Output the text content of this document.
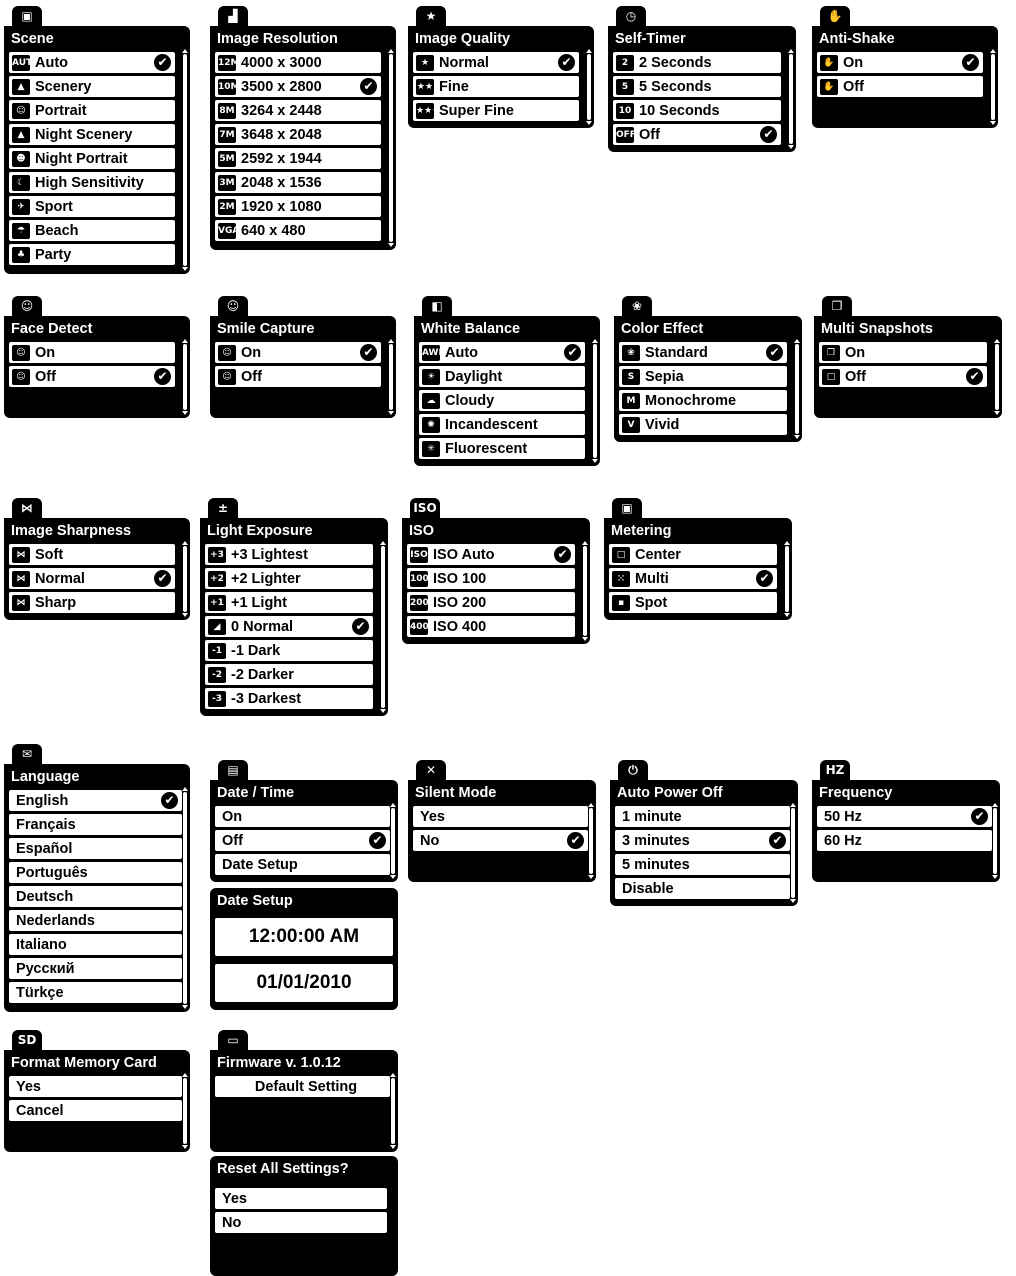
▣
Scene
AUTO
Auto	✔
▲ Scenery
☺ Portrait
▲ Night Scenery
☻ Night Portrait
☾ High Sensitivity
✈ Sport
☂ Beach
♣ Party
▟
Image Resolution
12M 4000 x 3000
10M 3500 x 2800	✔
8M 3264 x 2448
7M 3648 x 2048
5M 2592 x 1944
3M 2048 x 1536
2M 1920 x 1080
VGA 640 x 480
★
Image Quality
★ Normal	✔
★★ Fine
★★★
Super Fine
◷
Self-Timer
2 2 Seconds
5 5 Seconds
10 10 Seconds
OFF Off	✔
✋
Anti-Shake
✋ On	✔
✋ Off
☺
Face Detect
☺ On
☺ Off	✔
☺
Smile Capture
☺ On	✔
☺ Off
◧
White Balance
AWB Auto	✔
☀ Daylight
☁ Cloudy
✺ Incandescent
✳ Fluorescent
❀
Color Effect
❀ Standard	✔
S Sepia
M Monochrome
V Vivid
❐
Multi Snapshots
❐ On
□ Off	✔
⋈
Image Sharpness
⋈ Soft
⋈ Normal	✔
⋈ Sharp
±
Light Exposure
+3 +3 Lightest
+2 +2 Lighter
+1 +1 Light
◢ 0 Normal	✔
-1 -1 Dark
-2 -2 Darker
-3 -3 Darkest
ISO
ISO
ISO ISO Auto	✔
100 ISO 100
200 ISO 200
400 ISO 400
▣
Metering
□ Center
⁙ Multi	✔
▪ Spot
✉
Language
English	✔
Français
Español
Português
Deutsch
Nederlands
Italiano
Русский
Türkçe
▤
Date / Time
On
Off	✔
Date Setup
✕
Silent Mode
Yes
No	✔
⏻
Auto Power Off
1 minute
3 minutes	✔
5 minutes
Disable
HZ
Frequency
50 Hz	✔
60 Hz
Date Setup
12:00:00 AM
01/01/2010
SD
Format Memory Card
Yes
Cancel
▭
Firmware v. 1.0.12
Default Setting
Reset All Settings?
Yes
No
